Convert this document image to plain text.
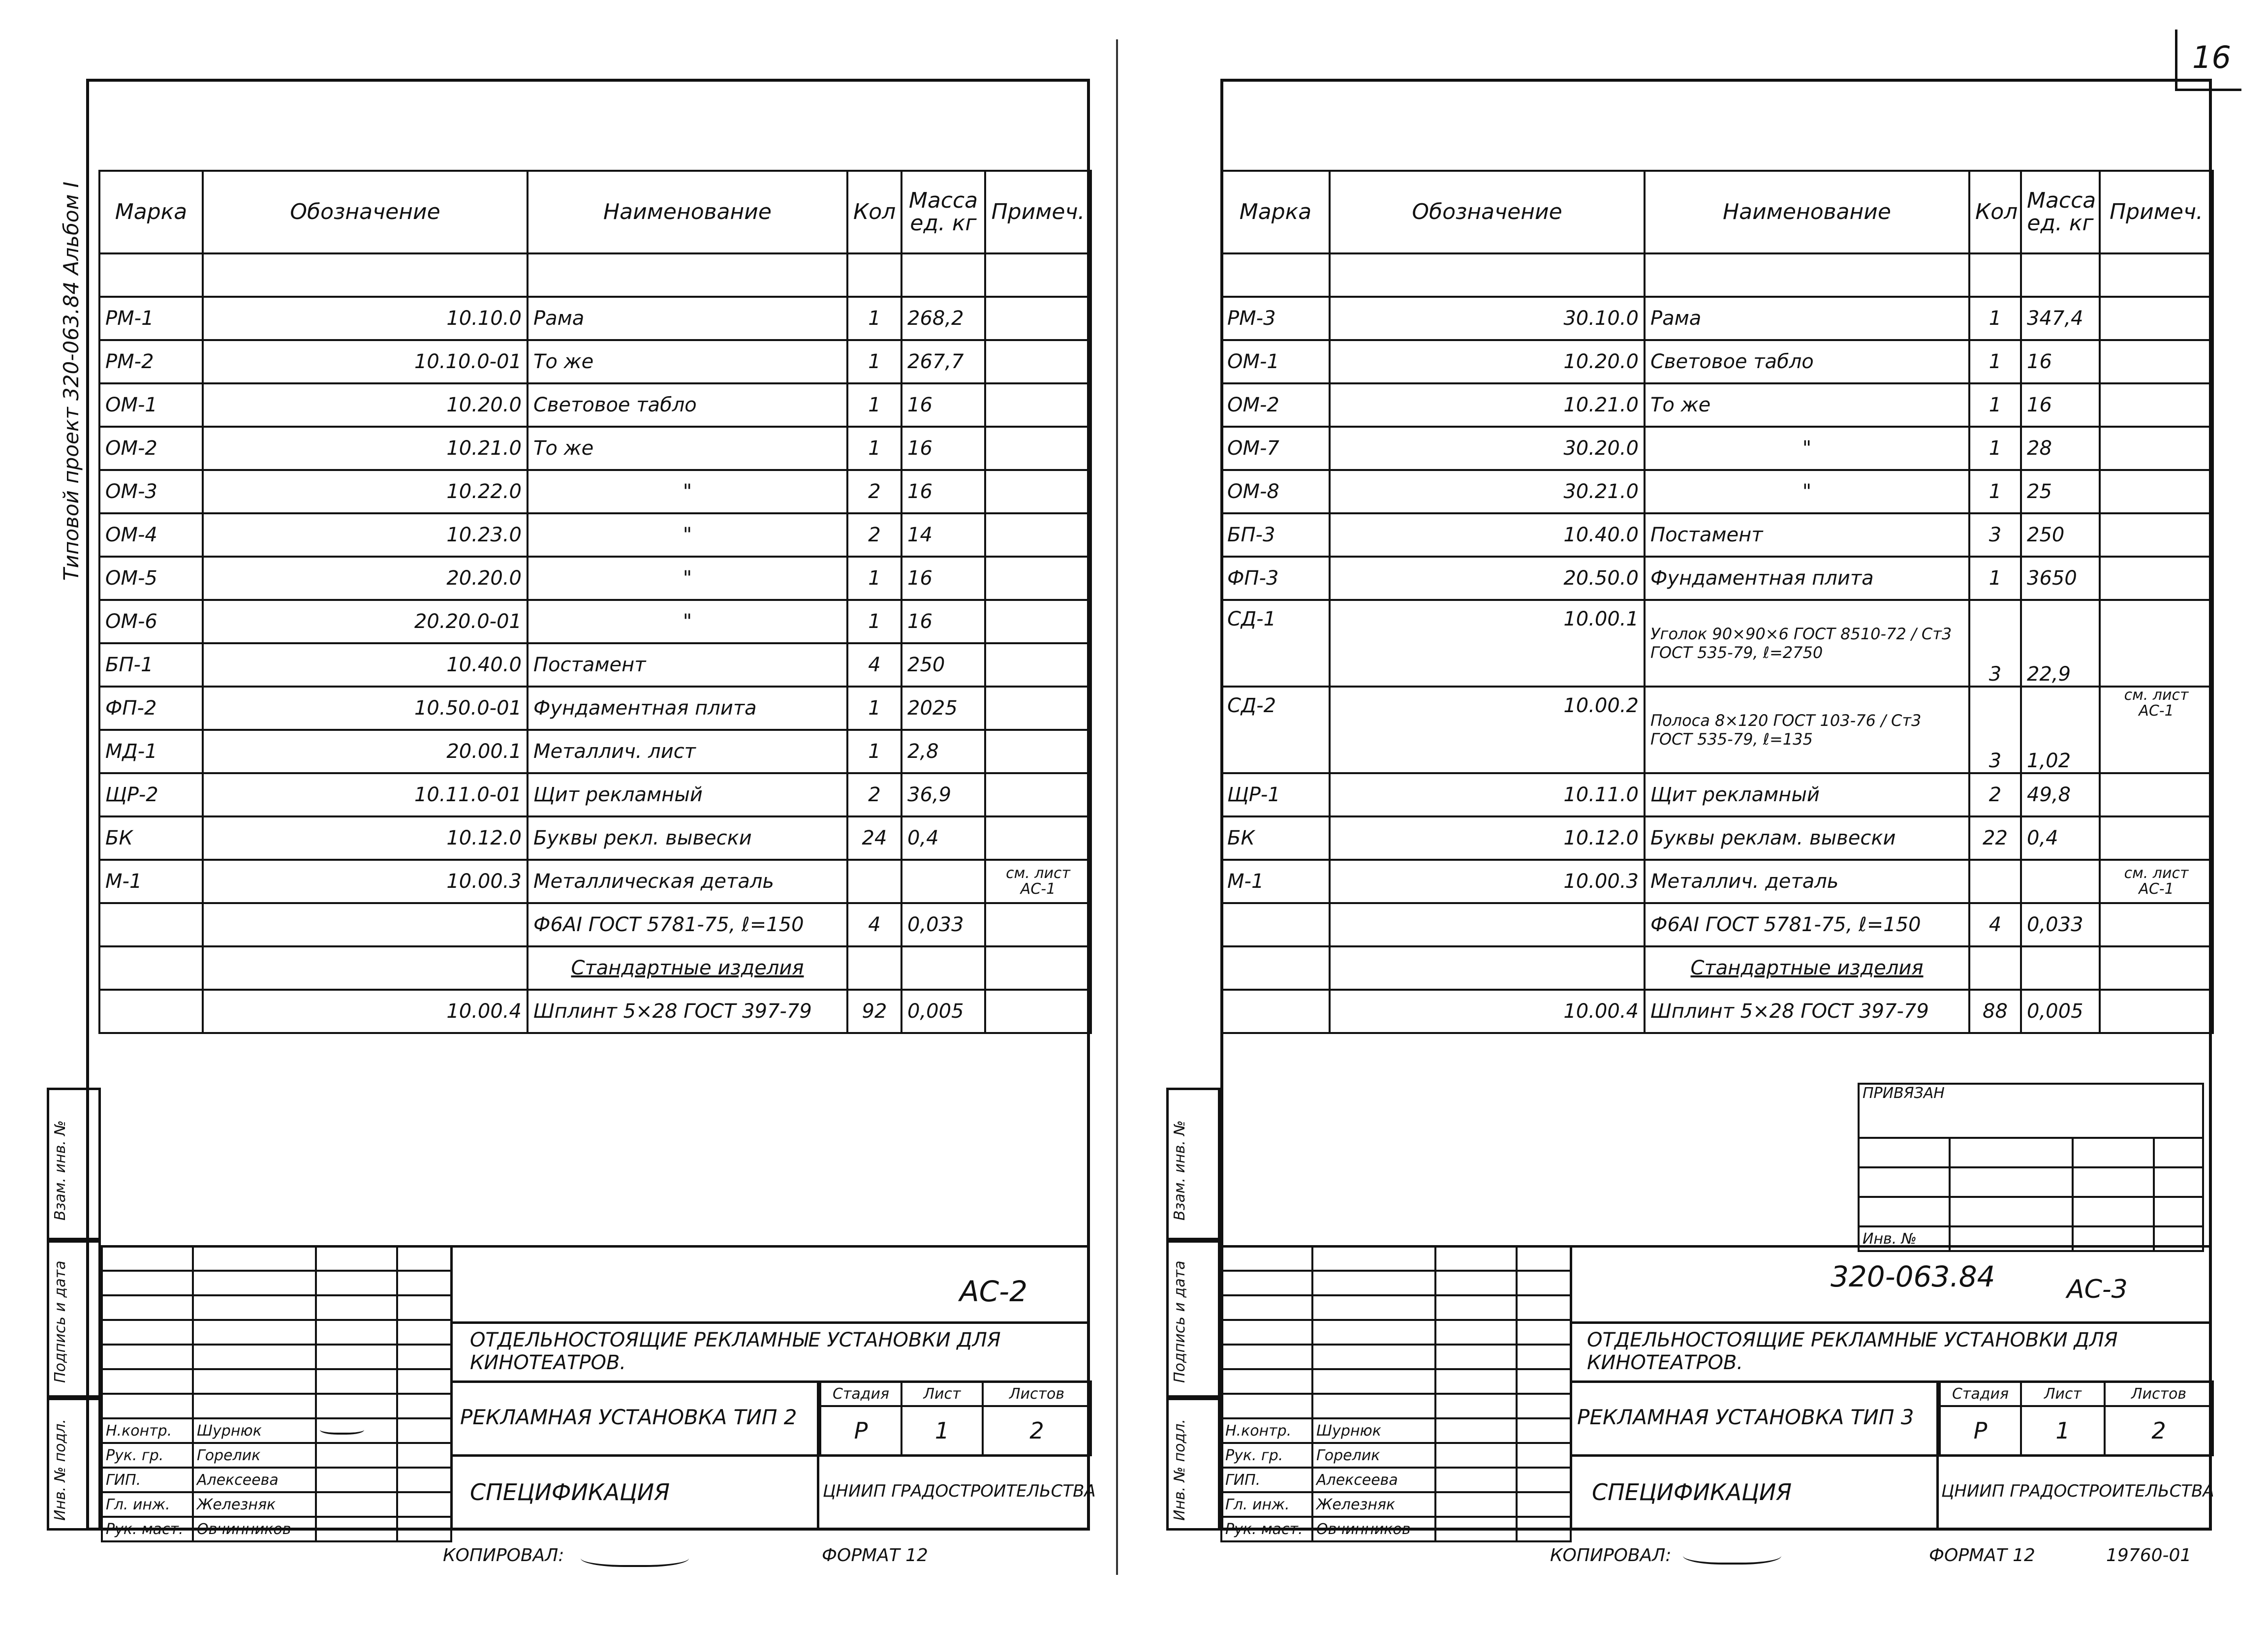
16
Типовой проект 320-063.84 Альбом I Марка	Обозначение	Наименование	Кол	Масса ед. кг	Примеч.

РМ-1	10.10.0	Рама	1	268,2	
РМ-2	10.10.0-01	То же	1	267,7	
ОМ-1	10.20.0	Световое табло	1	16	
ОМ-2	10.21.0	То же	1	16	
ОМ-3	10.22.0	"	2	16	
ОМ-4	10.23.0	"	2	14	
ОМ-5	20.20.0	"	1	16	
ОМ-6	20.20.0-01	"	1	16	
БП-1	10.40.0	Постамент	4	250	
ФП-2	10.50.0-01	Фундаментная плита	1	2025	
МД-1	20.00.1	Металлич. лист	1	2,8	
ЩР-2	10.11.0-01	Щит рекламный	2	36,9	
БК	10.12.0	Буквы рекл. вывески	24	0,4	
М-1	10.00.3	Металлическая деталь			см. лист АС-1
		Ф6АI ГОСТ 5781-75, ℓ=150	4	0,033	
		Стандартные изделия			
	10.00.4	Шплинт 5×28 ГОСТ 397-79	92	0,005	
Взам. инв. №
Подпись и дата
Инв. № подл.

				Н.контр.	Шурнюк	

Рук. гр.	Горелик		
ГИП.	Алексеева		
Гл. инж.	Железняк		
Рук. маст.	Овчинников		
АС-2
ОТДЕЛЬНОСТОЯЩИЕ РЕКЛАМНЫЕ УСТАНОВКИ ДЛЯ КИНОТЕАТРОВ.
РЕКЛАМНАЯ УСТАНОВКА ТИП 2
СПЕЦИФИКАЦИЯ
Стадия	Лист	Листов
Р	1	2
ЦНИИП ГРАДОСТРОИТЕЛЬСТВА
КОПИРОВАЛ:	ФОРМАТ 12
Марка	Обозначение	Наименование	Кол	Масса ед. кг	Примеч.

РМ-3	30.10.0	Рама	1	347,4	
ОМ-1	10.20.0	Световое табло	1	16	
ОМ-2	10.21.0	То же	1	16	
ОМ-7	30.20.0	"	1	28	
ОМ-8	30.21.0	"	1	25	
БП-3	10.40.0	Постамент	3	250	
ФП-3	20.50.0	Фундаментная плита	1	3650	
СД-1	10.00.1	Уголок 90×90×6 ГОСТ 8510-72 / Ст3 ГОСТ 535-79, ℓ=2750	3	22,9	
СД-2	10.00.2	Полоса 8×120 ГОСТ 103-76 / Ст3 ГОСТ 535-79, ℓ=135	3	1,02	см. лист АС-1
ЩР-1	10.11.0	Щит рекламный	2	49,8	
БК	10.12.0	Буквы реклам. вывески	22	0,4	
М-1	10.00.3	Металлич. деталь			см. лист АС-1
		Ф6АI ГОСТ 5781-75, ℓ=150	4	0,033	
		Стандартные изделия			
	10.00.4	Шплинт 5×28 ГОСТ 397-79	88	0,005	
Взам. инв. №
Подпись и дата
Инв. № подл.
ПРИВЯЗАН			

Инв. №			

Н.контр.	Шурнюк		
Рук. гр.	Горелик		
ГИП.	Алексеева		
Гл. инж.	Железняк		
Рук. маст.	Овчинников		
320-063.84	АС-3
ОТДЕЛЬНОСТОЯЩИЕ РЕКЛАМНЫЕ УСТАНОВКИ ДЛЯ КИНОТЕАТРОВ.
РЕКЛАМНАЯ УСТАНОВКА ТИП 3
СПЕЦИФИКАЦИЯ
Стадия	Лист	Листов
Р	1	2
ЦНИИП ГРАДОСТРОИТЕЛЬСТВА
КОПИРОВАЛ:	ФОРМАТ 12	19760-01
